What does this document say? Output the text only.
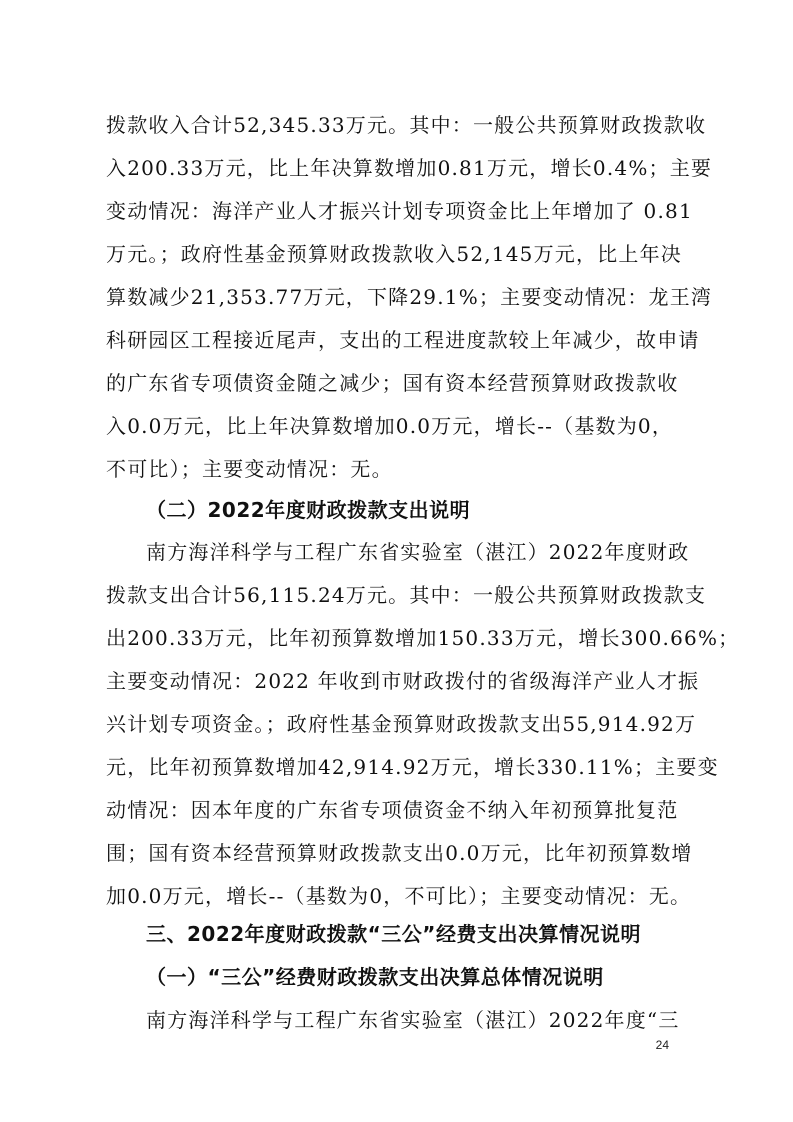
拨款收入合计52,345.33万元。其中：一般公共预算财政拨款收
入200.33万元，比上年决算数增加0.81万元，增长0.4%；主要
变动情况：海洋产业人才振兴计划专项资金比上年增加了 0.81
万元。；政府性基金预算财政拨款收入52,145万元，比上年决
算数减少21,353.77万元，下降29.1%；主要变动情况：龙王湾
科研园区工程接近尾声，支出的工程进度款较上年减少，故申请
的广东省专项债资金随之减少；国有资本经营预算财政拨款收
入0.0万元，比上年决算数增加0.0万元，增长--（基数为0，
不可比）；主要变动情况：无。
（二）2022年度财政拨款支出说明
南方海洋科学与工程广东省实验室（湛江）2022年度财政
拨款支出合计56,115.24万元。其中：一般公共预算财政拨款支
出200.33万元，比年初预算数增加150.33万元，增长300.66%；
主要变动情况：2022 年收到市财政拨付的省级海洋产业人才振
兴计划专项资金。；政府性基金预算财政拨款支出55,914.92万
元，比年初预算数增加42,914.92万元，增长330.11%；主要变
动情况：因本年度的广东省专项债资金不纳入年初预算批复范
围；国有资本经营预算财政拨款支出0.0万元，比年初预算数增
加0.0万元，增长--（基数为0，不可比）；主要变动情况：无。
三、2022年度财政拨款“三公”经费支出决算情况说明
（一）“三公”经费财政拨款支出决算总体情况说明
南方海洋科学与工程广东省实验室（湛江）2022年度“三
24
